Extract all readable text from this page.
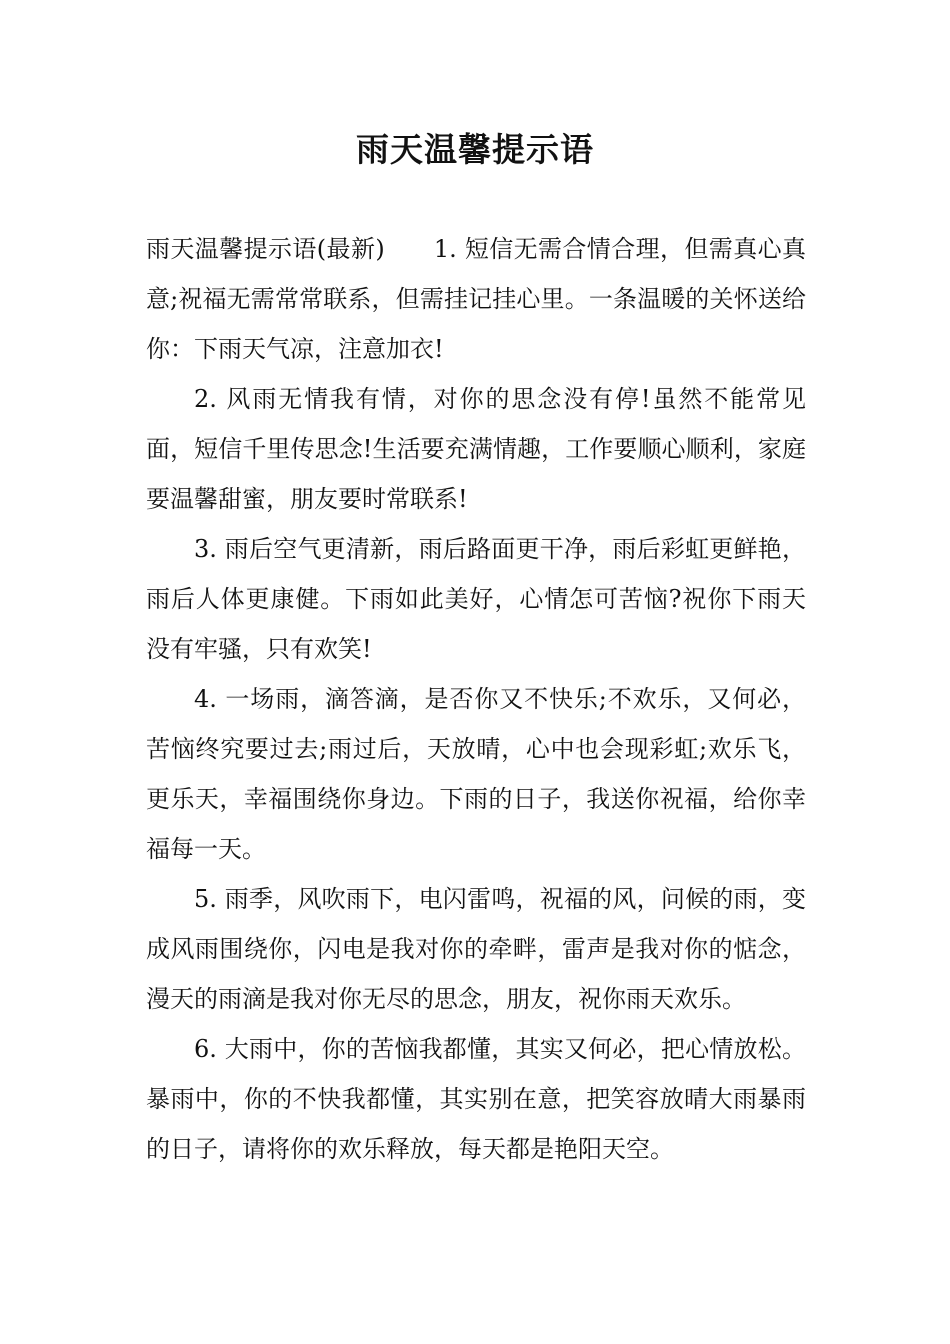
雨天温馨提示语

雨天温馨提示语(最新)　　1. 短信无需合情合理，但需真心真意;祝福无需常常联系，但需挂记挂心里。一条温暖的关怀送给你：下雨天气凉，注意加衣!

2. 风雨无情我有情，对你的思念没有停!虽然不能常见面，短信千里传思念!生活要充满情趣，工作要顺心顺利，家庭要温馨甜蜜，朋友要时常联系!

3. 雨后空气更清新，雨后路面更干净，雨后彩虹更鲜艳，雨后人体更康健。下雨如此美好，心情怎可苦恼?祝你下雨天没有牢骚，只有欢笑!

4. 一场雨，滴答滴，是否你又不快乐;不欢乐，又何必，苦恼终究要过去;雨过后，天放晴，心中也会现彩虹;欢乐飞，更乐天，幸福围绕你身边。下雨的日子，我送你祝福，给你幸福每一天。

5. 雨季，风吹雨下，电闪雷鸣，祝福的风，问候的雨，变成风雨围绕你，闪电是我对你的牵畔，雷声是我对你的惦念，漫天的雨滴是我对你无尽的思念，朋友，祝你雨天欢乐。

6. 大雨中，你的苦恼我都懂，其实又何必，把心情放松。暴雨中，你的不快我都懂，其实别在意，把笑容放晴大雨暴雨的日子，请将你的欢乐释放，每天都是艳阳天空。
